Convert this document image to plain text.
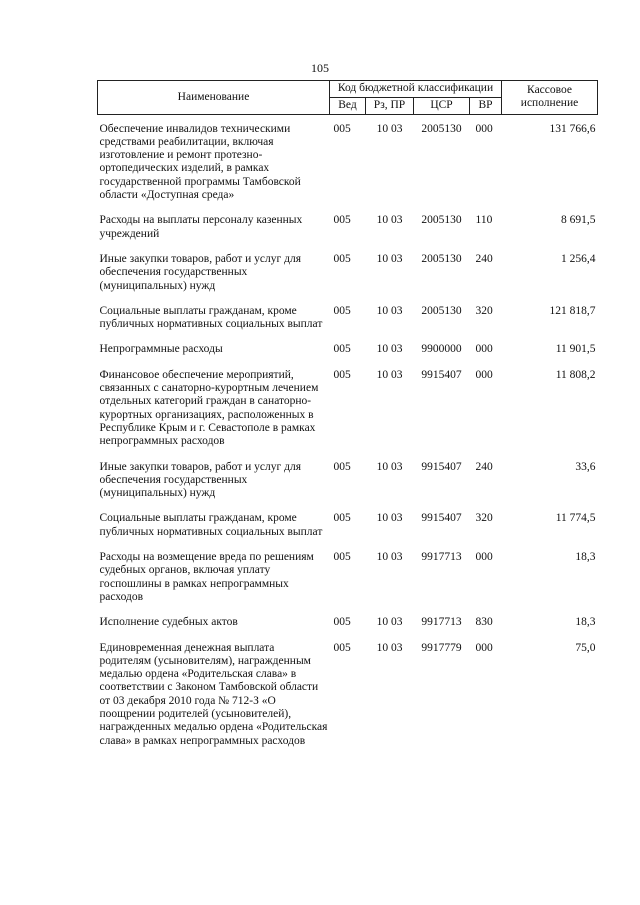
105
Наименование	Код бюджетной классификации				Кассовое исполнение
	Вед	Рз, ПР	ЦСР	ВР	
Обеспечение инвалидов техническими средствами реабилитации, включая изготовление и ремонт протезно-ортопедических изделий, в рамках государственной программы Тамбовской области «Доступная среда»	005	10 03	2005130	000	131 766,6
Расходы на выплаты персоналу казенных учреждений	005	10 03	2005130	110	8 691,5
Иные закупки товаров, работ и услуг для обеспечения государственных (муниципальных) нужд	005	10 03	2005130	240	1 256,4
Социальные выплаты гражданам, кроме публичных нормативных социальных выплат	005	10 03	2005130	320	121 818,7
Непрограммные расходы	005	10 03	9900000	000	11 901,5
Финансовое обеспечение мероприятий, связанных с санаторно-курортным лечением отдельных категорий граждан в санаторно-курортных организациях, расположенных в Республике Крым и г. Севастополе в рамках непрограммных расходов	005	10 03	9915407	000	11 808,2
Иные закупки товаров, работ и услуг для обеспечения государственных (муниципальных) нужд	005	10 03	9915407	240	33,6
Социальные выплаты гражданам, кроме публичных нормативных социальных выплат	005	10 03	9915407	320	11 774,5
Расходы на возмещение вреда по решениям судебных органов, включая уплату госпошлины в рамках непрограммных расходов	005	10 03	9917713	000	18,3
Исполнение судебных актов	005	10 03	9917713	830	18,3
Единовременная денежная выплата родителям (усыновителям), награжденным медалью ордена «Родительская слава» в соответствии с Законом Тамбовской области от 03 декабря 2010 года № 712-З «О поощрении родителей (усыновителей), награжденных медалью ордена «Родительская слава» в рамках непрограммных расходов	005	10 03	9917779	000	75,0
